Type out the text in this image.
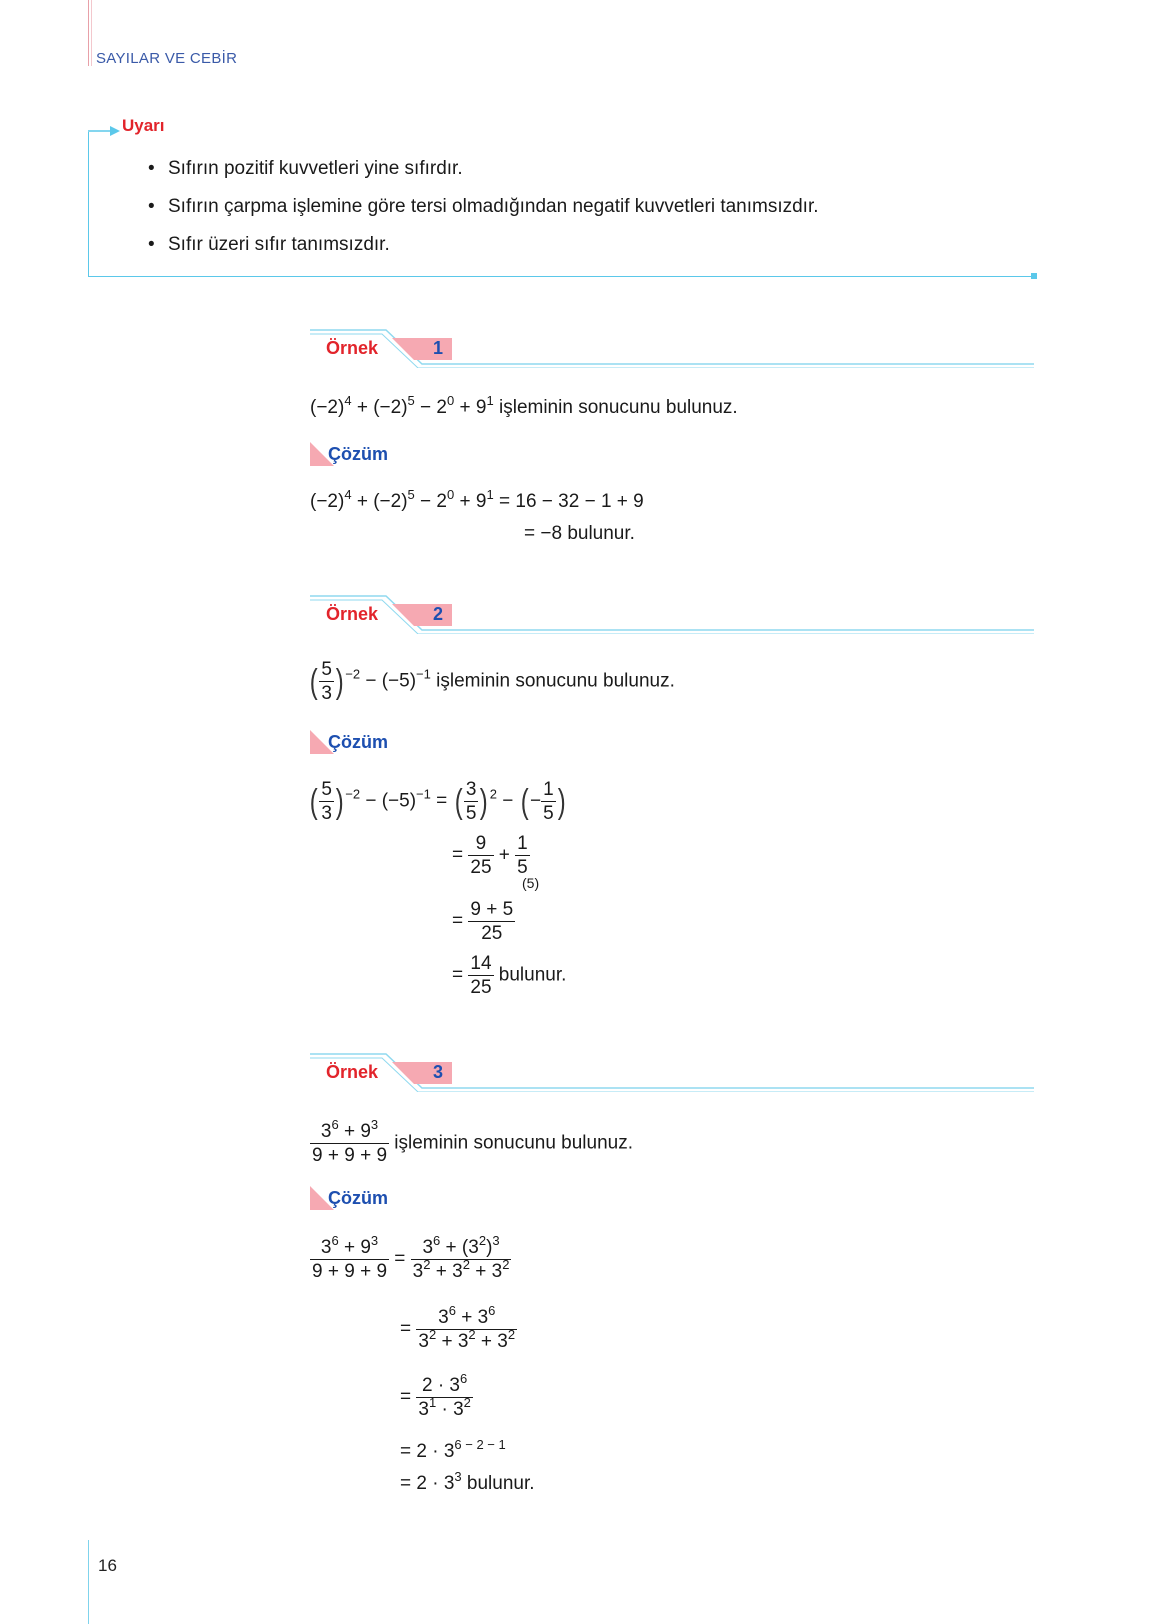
SAYILAR VE CEBİR
Uyarı
• Sıfırın pozitif kuvvetleri yine sıfırdır.
• Sıfırın çarpma işlemine göre tersi olmadığından negatif kuvvetleri tanımsızdır.
• Sıfır üzeri sıfır tanımsızdır.
Örnek	1
$(-2)^4 + (-2)^5 - 2^0 + 9^1$ işleminin sonucunu bulunuz.
Çözüm
$(-2)^4 + (-2)^5 - 2^0 + 9^1 = 16 - 32 - 1 + 9$
= −8 bulunur.
Örnek	2
( $\frac{5}{3}$ ) $^{-2} - (-5)^{-1}$ işleminin sonucunu bulunuz.
Çözüm
( $\frac{5}{3}$ ) $^{-2} - (-5)^{-1}$ = ( $\frac{3}{5}$ ) $^2$ − (− $\frac{1}{5}$ )
= $\frac{9}{25} + \frac{1}{5}$
(5)
= $\frac{9 + 5}{25}$
= $\frac{14}{25}$ bulunur.
Örnek	3
$\frac{3^6 + 9^3}{9 + 9 + 9}$ işleminin sonucunu bulunuz.
Çözüm
$\frac{3^6 + 9^3}{9 + 9 + 9} = \frac{3^6 + (3^2)^3}{3^2 + 3^2 + 3^2}$
= $\frac{3^6 + 3^6}{3^2 + 3^2 + 3^2}$
= $\frac{2 \cdot 3^6}{3^1 \cdot 3^2}$
= $2 \cdot 3^{6 - 2 - 1}$
= $2 \cdot 3^3$ bulunur.
16
